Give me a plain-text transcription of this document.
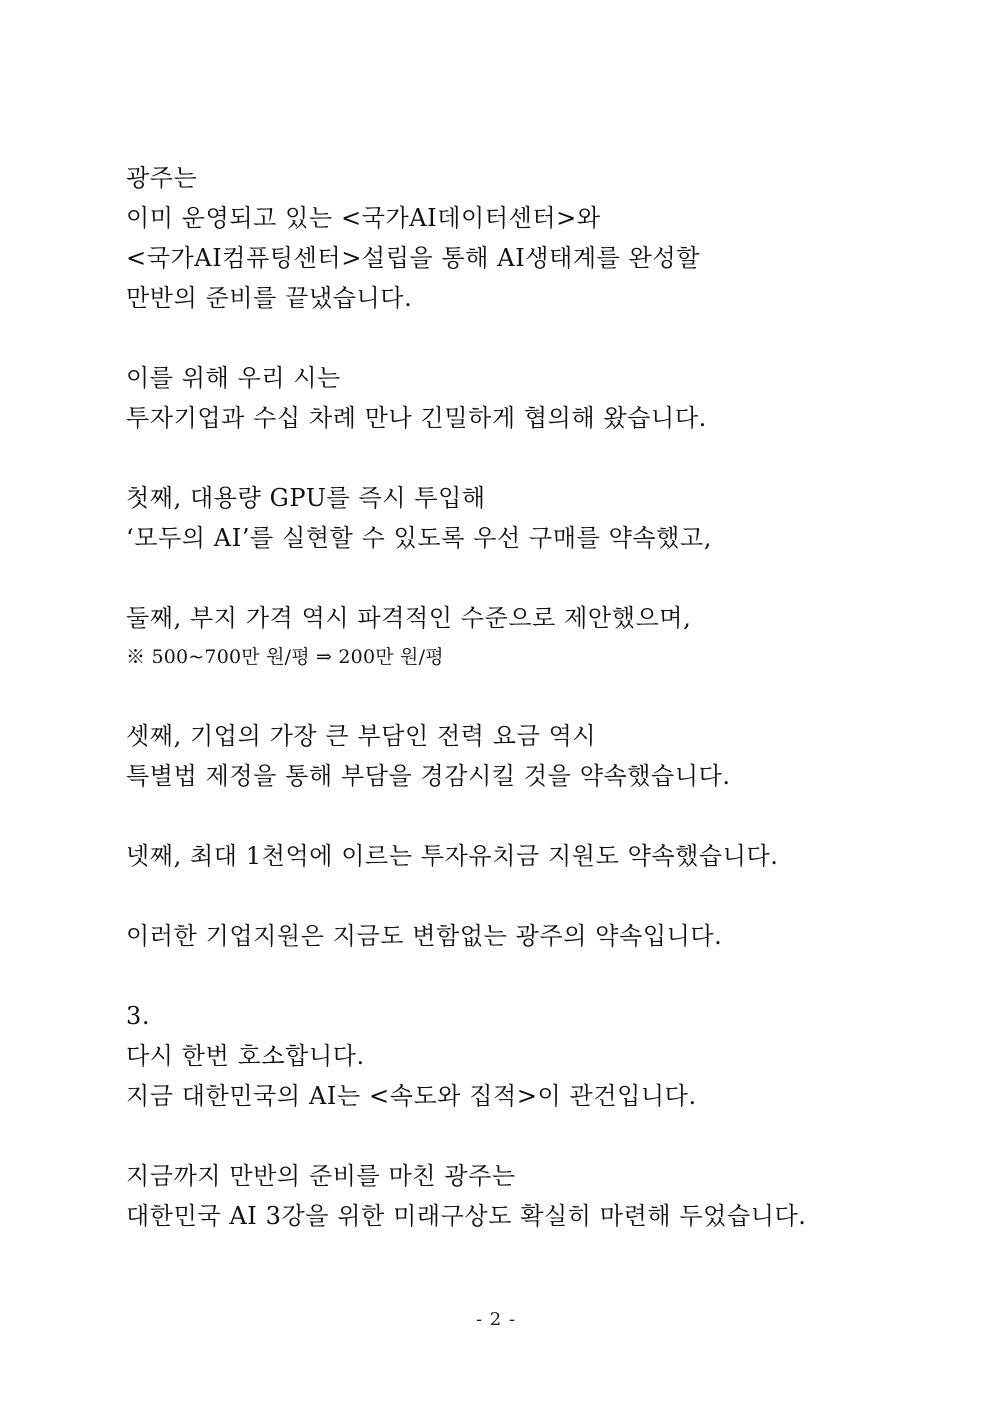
광주는
이미 운영되고 있는 <국가AI데이터센터>와
<국가AI컴퓨팅센터>설립을 통해 AI생태계를 완성할
만반의 준비를 끝냈습니다.
이를 위해 우리 시는
투자기업과 수십 차례 만나 긴밀하게 협의해 왔습니다.
첫째, 대용량 GPU를 즉시 투입해
‘모두의 AI’를 실현할 수 있도록 우선 구매를 약속했고,
둘째, 부지 가격 역시 파격적인 수준으로 제안했으며,
※ 500~700만 원/평 ⇒ 200만 원/평
셋째, 기업의 가장 큰 부담인 전력 요금 역시
특별법 제정을 통해 부담을 경감시킬 것을 약속했습니다.
넷째, 최대 1천억에 이르는 투자유치금 지원도 약속했습니다.
이러한 기업지원은 지금도 변함없는 광주의 약속입니다.
3.
다시 한번 호소합니다.
지금 대한민국의 AI는 <속도와 집적>이 관건입니다.
지금까지 만반의 준비를 마친 광주는
대한민국 AI 3강을 위한 미래구상도 확실히 마련해 두었습니다.
- 2 -
